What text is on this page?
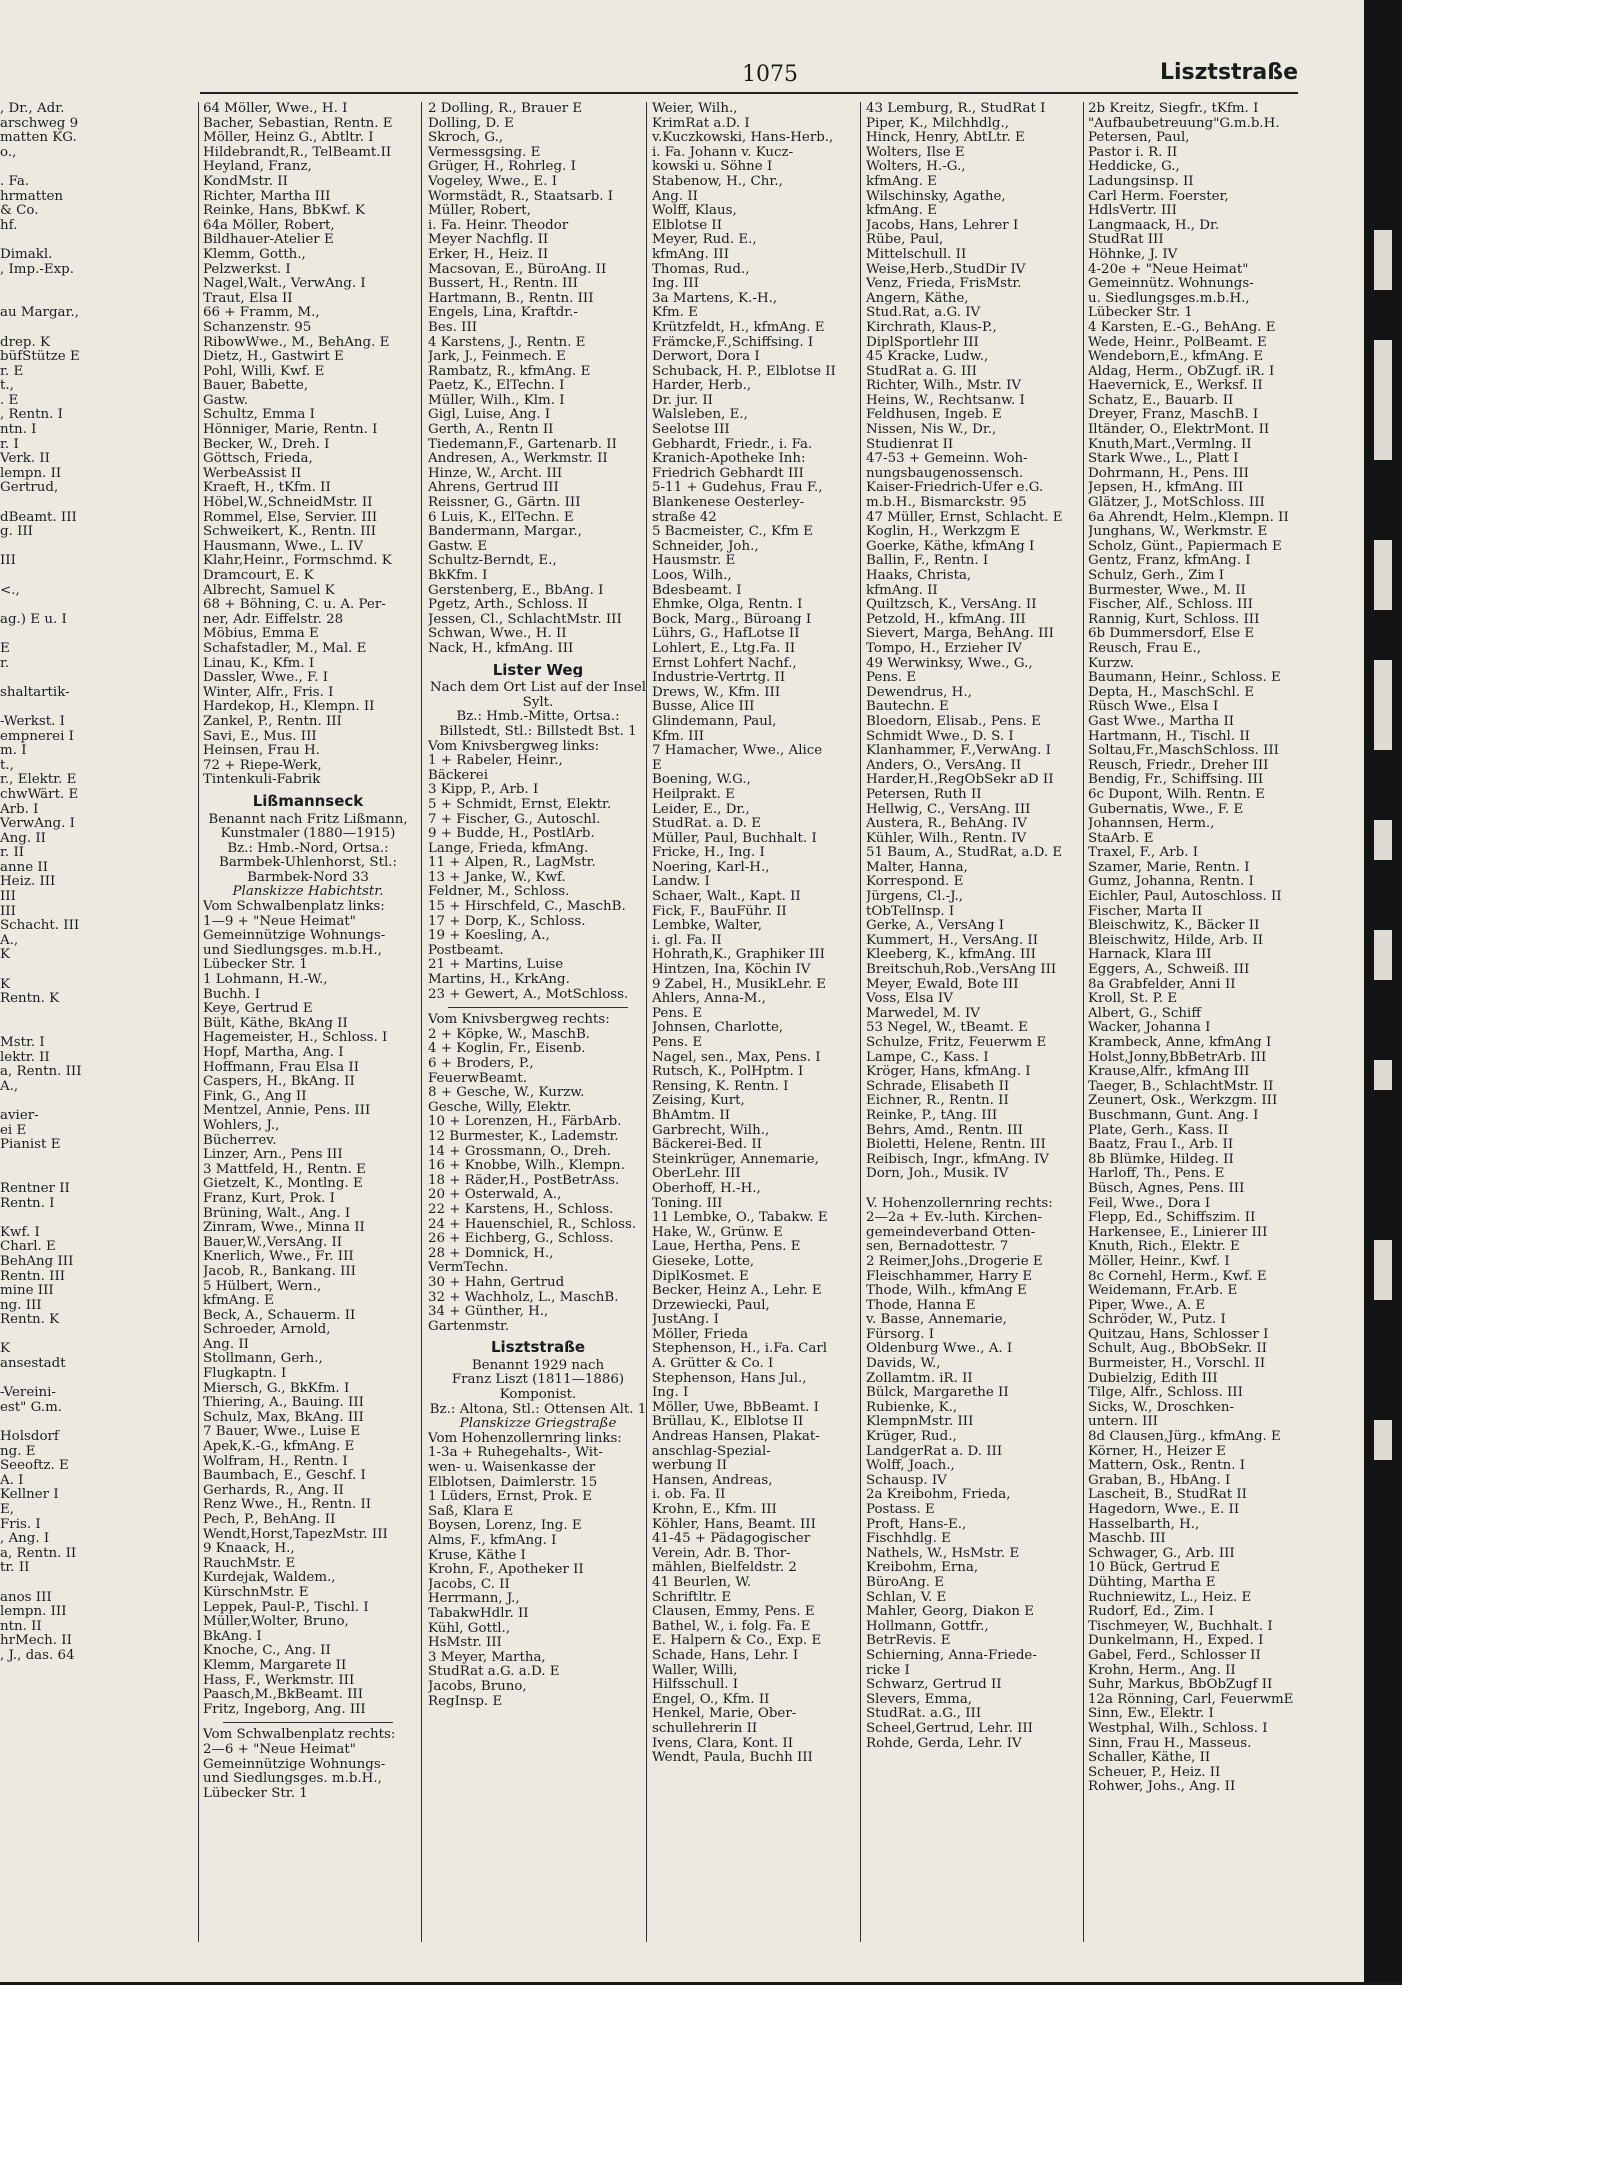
1075	Lisztstraße
, Dr., Adr.
arschweg 9
matten KG.
o.,
. Fa.
hrmatten
& Co.
hf.
Dimakl.
, Imp.-Exp.
au Margar.,
drep. K
büfStütze E
r. E
t.,
. E
, Rentn. I
ntn. I
r. I
Verk. II
lempn. II
Gertrud,
dBeamt. III
g. III
III
<.,
ag.) E u. I
E
r.
shaltartik-
-Werkst. I
empnerei I
m. I
t.,
r., Elektr. E
chwWärt. E
Arb. I
VerwAng. I
Ang. II
r. II
anne II
Heiz. III
III
III
Schacht. III
A.,
K
K
Rentn. K
Mstr. I
lektr. II
a, Rentn. III
A.,
avier-
ei E
Pianist E
Rentner II
Rentn. I
Kwf. I
Charl. E
BehAng III
Rentn. III
mine III
ng. III
Rentn. K
K
ansestadt
-Vereini-
est" G.m.
Holsdorf
ng. E
Seeoftz. E
A. I
Kellner I
E,
Fris. I
, Ang. I
a, Rentn. II
tr. II
anos III
lempn. III
ntn. II
hrMech. II
, J., das. 64
64 Möller, Wwe., H. I
Bacher, Sebastian, Rentn. E
Möller, Heinz G., Abtltr. I
Hildebrandt,R., TelBeamt.II
Heyland, Franz,
KondMstr. II
Richter, Martha III
Reinke, Hans, BbKwf. K
64a Möller, Robert,
Bildhauer-Atelier E
Klemm, Gotth.,
Pelzwerkst. I
Nagel,Walt., VerwAng. I
Traut, Elsa II
66 + Framm, M.,
Schanzenstr. 95
RibowWwe., M., BehAng. E
Dietz, H., Gastwirt E
Pohl, Willi, Kwf. E
Bauer, Babette,
Gastw.
Schultz, Emma I
Hönniger, Marie, Rentn. I
Becker, W., Dreh. I
Göttsch, Frieda,
WerbeAssist II
Kraeft, H., tKfm. II
Höbel,W.,SchneidMstr. II
Rommel, Else, Servier. III
Schweikert, K., Rentn. III
Hausmann, Wwe., L. IV
Klahr,Heinr., Formschmd. K
Dramcourt, E. K
Albrecht, Samuel K
68 + Böhning, C. u. A. Per-
ner, Adr. Eiffelstr. 28
Möbius, Emma E
Schafstadler, M., Mal. E
Linau, K., Kfm. I
Dassler, Wwe., F. I
Winter, Alfr., Fris. I
Hardekop, H., Klempn. II
Zankel, P., Rentn. III
Savi, E., Mus. III
Heinsen, Frau H.
72 + Riepe-Werk,
Tintenkuli-Fabrik
Lißmannseck
Benannt nach Fritz Lißmann, Kunstmaler (1880—1915)
Bz.: Hmb.-Nord, Ortsa.: Barmbek-Uhlenhorst, Stl.: Barmbek-Nord 33
Planskizze Habichtstr.
Vom Schwalbenplatz links:
1—9 + "Neue Heimat"
Gemeinnützige Wohnungs-
und Siedlungsges. m.b.H.,
Lübecker Str. 1
1 Lohmann, H.-W.,
Buchh. I
Keye, Gertrud E
Bült, Käthe, BkAng II
Hagemeister, H., Schloss. I
Hopf, Martha, Ang. I
Hoffmann, Frau Elsa II
Caspers, H., BkAng. II
Fink, G., Ang II
Mentzel, Annie, Pens. III
Wohlers, J.,
Bücherrev.
Linzer, Arn., Pens III
3 Mattfeld, H., Rentn. E
Gietzelt, K., Montlng. E
Franz, Kurt, Prok. I
Brüning, Walt., Ang. I
Zinram, Wwe., Minna II
Bauer,W.,VersAng. II
Knerlich, Wwe., Fr. III
Jacob, R., Bankang. III
5 Hülbert, Wern.,
kfmAng. E
Beck, A., Schauerm. II
Schroeder, Arnold,
Ang. II
Stollmann, Gerh.,
Flugkaptn. I
Miersch, G., BkKfm. I
Thiering, A., Bauing. III
Schulz, Max, BkAng. III
7 Bauer, Wwe., Luise E
Apek,K.-G., kfmAng. E
Wolfram, H., Rentn. I
Baumbach, E., Geschf. I
Gerhards, R., Ang. II
Renz Wwe., H., Rentn. II
Pech, P., BehAng. II
Wendt,Horst,TapezMstr. III
9 Knaack, H.,
RauchMstr. E
Kurdejak, Waldem.,
KürschnMstr. E
Leppek, Paul-P., Tischl. I
Müller,Wolter, Bruno,
BkAng. I
Knoche, C., Ang. II
Klemm, Margarete II
Hass, F., Werkmstr. III
Paasch,M.,BkBeamt. III
Fritz, Ingeborg, Ang. III
Vom Schwalbenplatz rechts:
2—6 + "Neue Heimat"
Gemeinnützige Wohnungs-
und Siedlungsges. m.b.H.,
Lübecker Str. 1
2 Dolling, R., Brauer E
Dolling, D. E
Skroch, G.,
Vermessgsing. E
Grüger, H., Rohrleg. I
Vogeley, Wwe., E. I
Wormstädt, R., Staatsarb. I
Müller, Robert,
i. Fa. Heinr. Theodor
Meyer Nachflg. II
Erker, H., Heiz. II
Macsovan, E., BüroAng. II
Bussert, H., Rentn. III
Hartmann, B., Rentn. III
Engels, Lina, Kraftdr.-
Bes. III
4 Karstens, J., Rentn. E
Jark, J., Feinmech. E
Rambatz, R., kfmAng. E
Paetz, K., ElTechn. I
Müller, Wilh., Klm. I
Gigl, Luise, Ang. I
Gerth, A., Rentn II
Tiedemann,F., Gartenarb. II
Andresen, A., Werkmstr. II
Hinze, W., Archt. III
Ahrens, Gertrud III
Reissner, G., Gärtn. III
6 Luis, K., ElTechn. E
Bandermann, Margar.,
Gastw. E
Schultz-Berndt, E.,
BkKfm. I
Gerstenberg, E., BbAng. I
Pgetz, Arth., Schloss. II
Jessen, Cl., SchlachtMstr. III
Schwan, Wwe., H. II
Nack, H., kfmAng. III
Lister Weg
Nach dem Ort List auf der Insel Sylt.
Bz.: Hmb.-Mitte, Ortsa.: Billstedt, Stl.: Billstedt Bst. 1
Vom Knivsbergweg links:
1 + Rabeler, Heinr.,
Bäckerei
3 Kipp, P., Arb. I
5 + Schmidt, Ernst, Elektr.
7 + Fischer, G., Autoschl.
9 + Budde, H., PostlArb.
Lange, Frieda, kfmAng.
11 + Alpen, R., LagMstr.
13 + Janke, W., Kwf.
Feldner, M., Schloss.
15 + Hirschfeld, C., MaschB.
17 + Dorp, K., Schloss.
19 + Koesling, A.,
Postbeamt.
21 + Martins, Luise
Martins, H., KrkAng.
23 + Gewert, A., MotSchloss.
Vom Knivsbergweg rechts:
2 + Köpke, W., MaschB.
4 + Koglin, Fr., Eisenb.
6 + Broders, P.,
FeuerwBeamt.
8 + Gesche, W., Kurzw.
Gesche, Willy, Elektr.
10 + Lorenzen, H., FärbArb.
12 Burmester, K., Lademstr.
14 + Grossmann, O., Dreh.
16 + Knobbe, Wilh., Klempn.
18 + Räder,H., PostBetrAss.
20 + Osterwald, A.,
22 + Karstens, H., Schloss.
24 + Hauenschiel, R., Schloss.
26 + Eichberg, G., Schloss.
28 + Domnick, H.,
VermTechn.
30 + Hahn, Gertrud
32 + Wachholz, L., MaschB.
34 + Günther, H.,
Gartenmstr.
Lisztstraße
Benannt 1929 nach
Franz Liszt (1811—1886) Komponist.
Bz.: Altona, Stl.: Ottensen Alt. 1
Planskizze Griegstraße
Vom Hohenzollernring links:
1-3a + Ruhegehalts-, Wit-
wen- u. Waisenkasse der
Elblotsen, Daimlerstr. 15
1 Lüders, Ernst, Prok. E
Saß, Klara E
Boysen, Lorenz, Ing. E
Alms, F., kfmAng. I
Kruse, Käthe I
Krohn, F., Apotheker II
Jacobs, C. II
Herrmann, J.,
TabakwHdlr. II
Kühl, Gottl.,
HsMstr. III
3 Meyer, Martha,
StudRat a.G. a.D. E
Jacobs, Bruno,
RegInsp. E
Weier, Wilh.,
KrimRat a.D. I
v.Kuczkowski, Hans-Herb.,
i. Fa. Johann v. Kucz-
kowski u. Söhne I
Stabenow, H., Chr.,
Ang. II
Wolff, Klaus,
Elblotse II
Meyer, Rud. E.,
kfmAng. III
Thomas, Rud.,
Ing. III
3a Martens, K.-H.,
Kfm. E
Krützfeldt, H., kfmAng. E
Främcke,F.,Schiffsing. I
Derwort, Dora I
Schuback, H. P., Elblotse II
Harder, Herb.,
Dr. jur. II
Walsleben, E.,
Seelotse III
Gebhardt, Friedr., i. Fa.
Kranich-Apotheke Inh:
Friedrich Gebhardt III
5-11 + Gudehus, Frau F.,
Blankenese Oesterley-
straße 42
5 Bacmeister, C., Kfm E
Schneider, Joh.,
Hausmstr. E
Loos, Wilh.,
Bdesbeamt. I
Ehmke, Olga, Rentn. I
Bock, Marg., Büroang I
Lührs, G., HafLotse II
Lohlert, E., Ltg.Fa. II
Ernst Lohfert Nachf.,
Industrie-Vertrtg. II
Drews, W., Kfm. III
Busse, Alice III
Glindemann, Paul,
Kfm. III
7 Hamacher, Wwe., Alice
E
Boening, W.G.,
Heilprakt. E
Leider, E., Dr.,
StudRat. a. D. E
Müller, Paul, Buchhalt. I
Fricke, H., Ing. I
Noering, Karl-H.,
Landw. I
Schaer, Walt., Kapt. II
Fick, F., BauFühr. II
Lembke, Walter,
i. gl. Fa. II
Hohrath,K., Graphiker III
Hintzen, Ina, Köchin IV
9 Zabel, H., MusikLehr. E
Ahlers, Anna-M.,
Pens. E
Johnsen, Charlotte,
Pens. E
Nagel, sen., Max, Pens. I
Rutsch, K., PolHptm. I
Rensing, K. Rentn. I
Zeising, Kurt,
BhAmtm. II
Garbrecht, Wilh.,
Bäckerei-Bed. II
Steinkrüger, Annemarie,
OberLehr. III
Oberhoff, H.-H.,
Toning. III
11 Lembke, O., Tabakw. E
Hake, W., Grünw. E
Laue, Hertha, Pens. E
Gieseke, Lotte,
DiplKosmet. E
Becker, Heinz A., Lehr. E
Drzewiecki, Paul,
JustAng. I
Möller, Frieda
Stephenson, H., i.Fa. Carl
A. Grütter & Co. I
Stephenson, Hans Jul.,
Ing. I
Möller, Uwe, BbBeamt. I
Brüllau, K., Elblotse II
Andreas Hansen, Plakat-
anschlag-Spezial-
werbung II
Hansen, Andreas,
i. ob. Fa. II
Krohn, E., Kfm. III
Köhler, Hans, Beamt. III
41-45 + Pädagogischer
Verein, Adr. B. Thor-
mählen, Bielfeldstr. 2
41 Beurlen, W.
Schriftltr. E
Clausen, Emmy, Pens. E
Bathel, W., i. folg. Fa. E
E. Halpern & Co., Exp. E
Schade, Hans, Lehr. I
Waller, Willi,
Hilfsschull. I
Engel, O., Kfm. II
Henkel, Marie, Ober-
schullehrerin II
Ivens, Clara, Kont. II
Wendt, Paula, Buchh III
43 Lemburg, R., StudRat I
Piper, K., Milchhdlg.,
Hinck, Henry, AbtLtr. E
Wolters, Ilse E
Wolters, H.-G.,
kfmAng. E
Wilschinsky, Agathe,
kfmAng. E
Jacobs, Hans, Lehrer I
Rübe, Paul,
Mittelschull. II
Weise,Herb.,StudDir IV
Venz, Frieda, FrisMstr.
Angern, Käthe,
Stud.Rat, a.G. IV
Kirchrath, Klaus-P.,
DiplSportlehr III
45 Kracke, Ludw.,
StudRat a. G. III
Richter, Wilh., Mstr. IV
Heins, W., Rechtsanw. I
Feldhusen, Ingeb. E
Nissen, Nis W., Dr.,
Studienrat II
47-53 + Gemeinn. Woh-
nungsbaugenossensch.
Kaiser-Friedrich-Ufer e.G.
m.b.H., Bismarckstr. 95
47 Müller, Ernst, Schlacht. E
Koglin, H., Werkzgm E
Goerke, Käthe, kfmAng I
Ballin, F., Rentn. I
Haaks, Christa,
kfmAng. II
Quiltzsch, K., VersAng. II
Petzold, H., kfmAng. III
Sievert, Marga, BehAng. III
Tompo, H., Erzieher IV
49 Werwinksy, Wwe., G.,
Pens. E
Dewendrus, H.,
Bautechn. E
Bloedorn, Elisab., Pens. E
Schmidt Wwe., D. S. I
Klanhammer, F.,VerwAng. I
Anders, O., VersAng. II
Harder,H.,RegObSekr aD II
Petersen, Ruth II
Hellwig, C., VersAng. III
Austera, R., BehAng. IV
Kühler, Wilh., Rentn. IV
51 Baum, A., StudRat, a.D. E
Malter, Hanna,
Korrespond. E
Jürgens, Cl.-J.,
tObTelInsp. I
Gerke, A., VersAng I
Kummert, H., VersAng. II
Kleeberg, K., kfmAng. III
Breitschuh,Rob.,VersAng III
Meyer, Ewald, Bote III
Voss, Elsa IV
Marwedel, M. IV
53 Negel, W., tBeamt. E
Schulze, Fritz, Feuerwm E
Lampe, C., Kass. I
Kröger, Hans, kfmAng. I
Schrade, Elisabeth II
Eichner, R., Rentn. II
Reinke, P., tAng. III
Behrs, Amd., Rentn. III
Bioletti, Helene, Rentn. III
Reibisch, Ingr., kfmAng. IV
Dorn, Joh., Musik. IV
V. Hohenzollernring rechts:
2—2a + Ev.-luth. Kirchen-
gemeindeverband Otten-
sen, Bernadottestr. 7
2 Reimer,Johs.,Drogerie E
Fleischhammer, Harry E
Thode, Wilh., kfmAng E
Thode, Hanna E
v. Basse, Annemarie,
Fürsorg. I
Oldenburg Wwe., A. I
Davids, W.,
Zollamtm. iR. II
Bülck, Margarethe II
Rubienke, K.,
KlempnMstr. III
Krüger, Rud.,
LandgerRat a. D. III
Wolff, Joach.,
Schausp. IV
2a Kreibohm, Frieda,
Postass. E
Proft, Hans-E.,
Fischhdlg. E
Nathels, W., HsMstr. E
Kreibohm, Erna,
BüroAng. E
Schlan, V. E
Mahler, Georg, Diakon E
Hollmann, Gottfr.,
BetrRevis. E
Schierning, Anna-Friede-
ricke I
Schwarz, Gertrud II
Slevers, Emma,
StudRat. a.G., III
Scheel,Gertrud, Lehr. III
Rohde, Gerda, Lehr. IV
2b Kreitz, Siegfr., tKfm. I
"Aufbaubetreuung"G.m.b.H.
Petersen, Paul,
Pastor i. R. II
Heddicke, G.,
Ladungsinsp. II
Carl Herm. Foerster,
HdlsVertr. III
Langmaack, H., Dr.
StudRat III
Höhnke, J. IV
4-20e + "Neue Heimat"
Gemeinnütz. Wohnungs-
u. Siedlungsges.m.b.H.,
Lübecker Str. 1
4 Karsten, E.-G., BehAng. E
Wede, Heinr., PolBeamt. E
Wendeborn,E., kfmAng. E
Aldag, Herm., ObZugf. iR. I
Haevernick, E., Werksf. II
Schatz, E., Bauarb. II
Dreyer, Franz, MaschB. I
Iltänder, O., ElektrMont. II
Knuth,Mart.,Vermlng. II
Stark Wwe., L., Platt I
Dohrmann, H., Pens. III
Jepsen, H., kfmAng. III
Glätzer, J., MotSchloss. III
6a Ahrendt, Helm.,Klempn. II
Junghans, W., Werkmstr. E
Scholz, Günt., Papiermach E
Gentz, Franz, kfmAng. I
Schulz, Gerh., Zim I
Burmester, Wwe., M. II
Fischer, Alf., Schloss. III
Rannig, Kurt, Schloss. III
6b Dummersdorf, Else E
Reusch, Frau E.,
Kurzw.
Baumann, Heinr., Schloss. E
Depta, H., MaschSchl. E
Rüsch Wwe., Elsa I
Gast Wwe., Martha II
Hartmann, H., Tischl. II
Soltau,Fr.,MaschSchloss. III
Reusch, Friedr., Dreher III
Bendig, Fr., Schiffsing. III
6c Dupont, Wilh. Rentn. E
Gubernatis, Wwe., F. E
Johannsen, Herm.,
StaArb. E
Traxel, F., Arb. I
Szamer, Marie, Rentn. I
Gumz, Johanna, Rentn. I
Eichler, Paul, Autoschloss. II
Fischer, Marta II
Bleischwitz, K., Bäcker II
Bleischwitz, Hilde, Arb. II
Harnack, Klara III
Eggers, A., Schweiß. III
8a Grabfelder, Anni II
Kroll, St. P. E
Albert, G., Schiff
Wacker, Johanna I
Krambeck, Anne, kfmAng I
Holst,Jonny,BbBetrArb. III
Krause,Alfr., kfmAng III
Taeger, B., SchlachtMstr. II
Zeunert, Osk., Werkzgm. III
Buschmann, Gunt. Ang. I
Plate, Gerh., Kass. II
Baatz, Frau I., Arb. II
8b Blümke, Hildeg. II
Harloff, Th., Pens. E
Büsch, Agnes, Pens. III
Feil, Wwe., Dora I
Flepp, Ed., Schiffszim. II
Harkensee, E., Linierer III
Knuth, Rich., Elektr. E
Möller, Heinr., Kwf. I
8c Cornehl, Herm., Kwf. E
Weidemann, Fr.Arb. E
Piper, Wwe., A. E
Schröder, W., Putz. I
Quitzau, Hans, Schlosser I
Schult, Aug., BbObSekr. II
Burmeister, H., Vorschl. II
Dubielzig, Edith III
Tilge, Alfr., Schloss. III
Sicks, W., Droschken-
untern. III
8d Clausen,Jürg., kfmAng. E
Körner, H., Heizer E
Mattern, Osk., Rentn. I
Graban, B., HbAng. I
Lascheit, B., StudRat II
Hagedorn, Wwe., E. II
Hasselbarth, H.,
Maschb. III
Schwager, G., Arb. III
10 Bück, Gertrud E
Dühting, Martha E
Ruchniewitz, L., Heiz. E
Rudorf, Ed., Zim. I
Tischmeyer, W., Buchhalt. I
Dunkelmann, H., Exped. I
Gabel, Ferd., Schlosser II
Krohn, Herm., Ang. II
Suhr, Markus, BbObZugf II
12a Rönning, Carl, FeuerwmE
Sinn, Ew., Elektr. I
Westphal, Wilh., Schloss. I
Sinn, Frau H., Masseus.
Schaller, Käthe, II
Scheuer, P., Heiz. II
Rohwer, Johs., Ang. II
